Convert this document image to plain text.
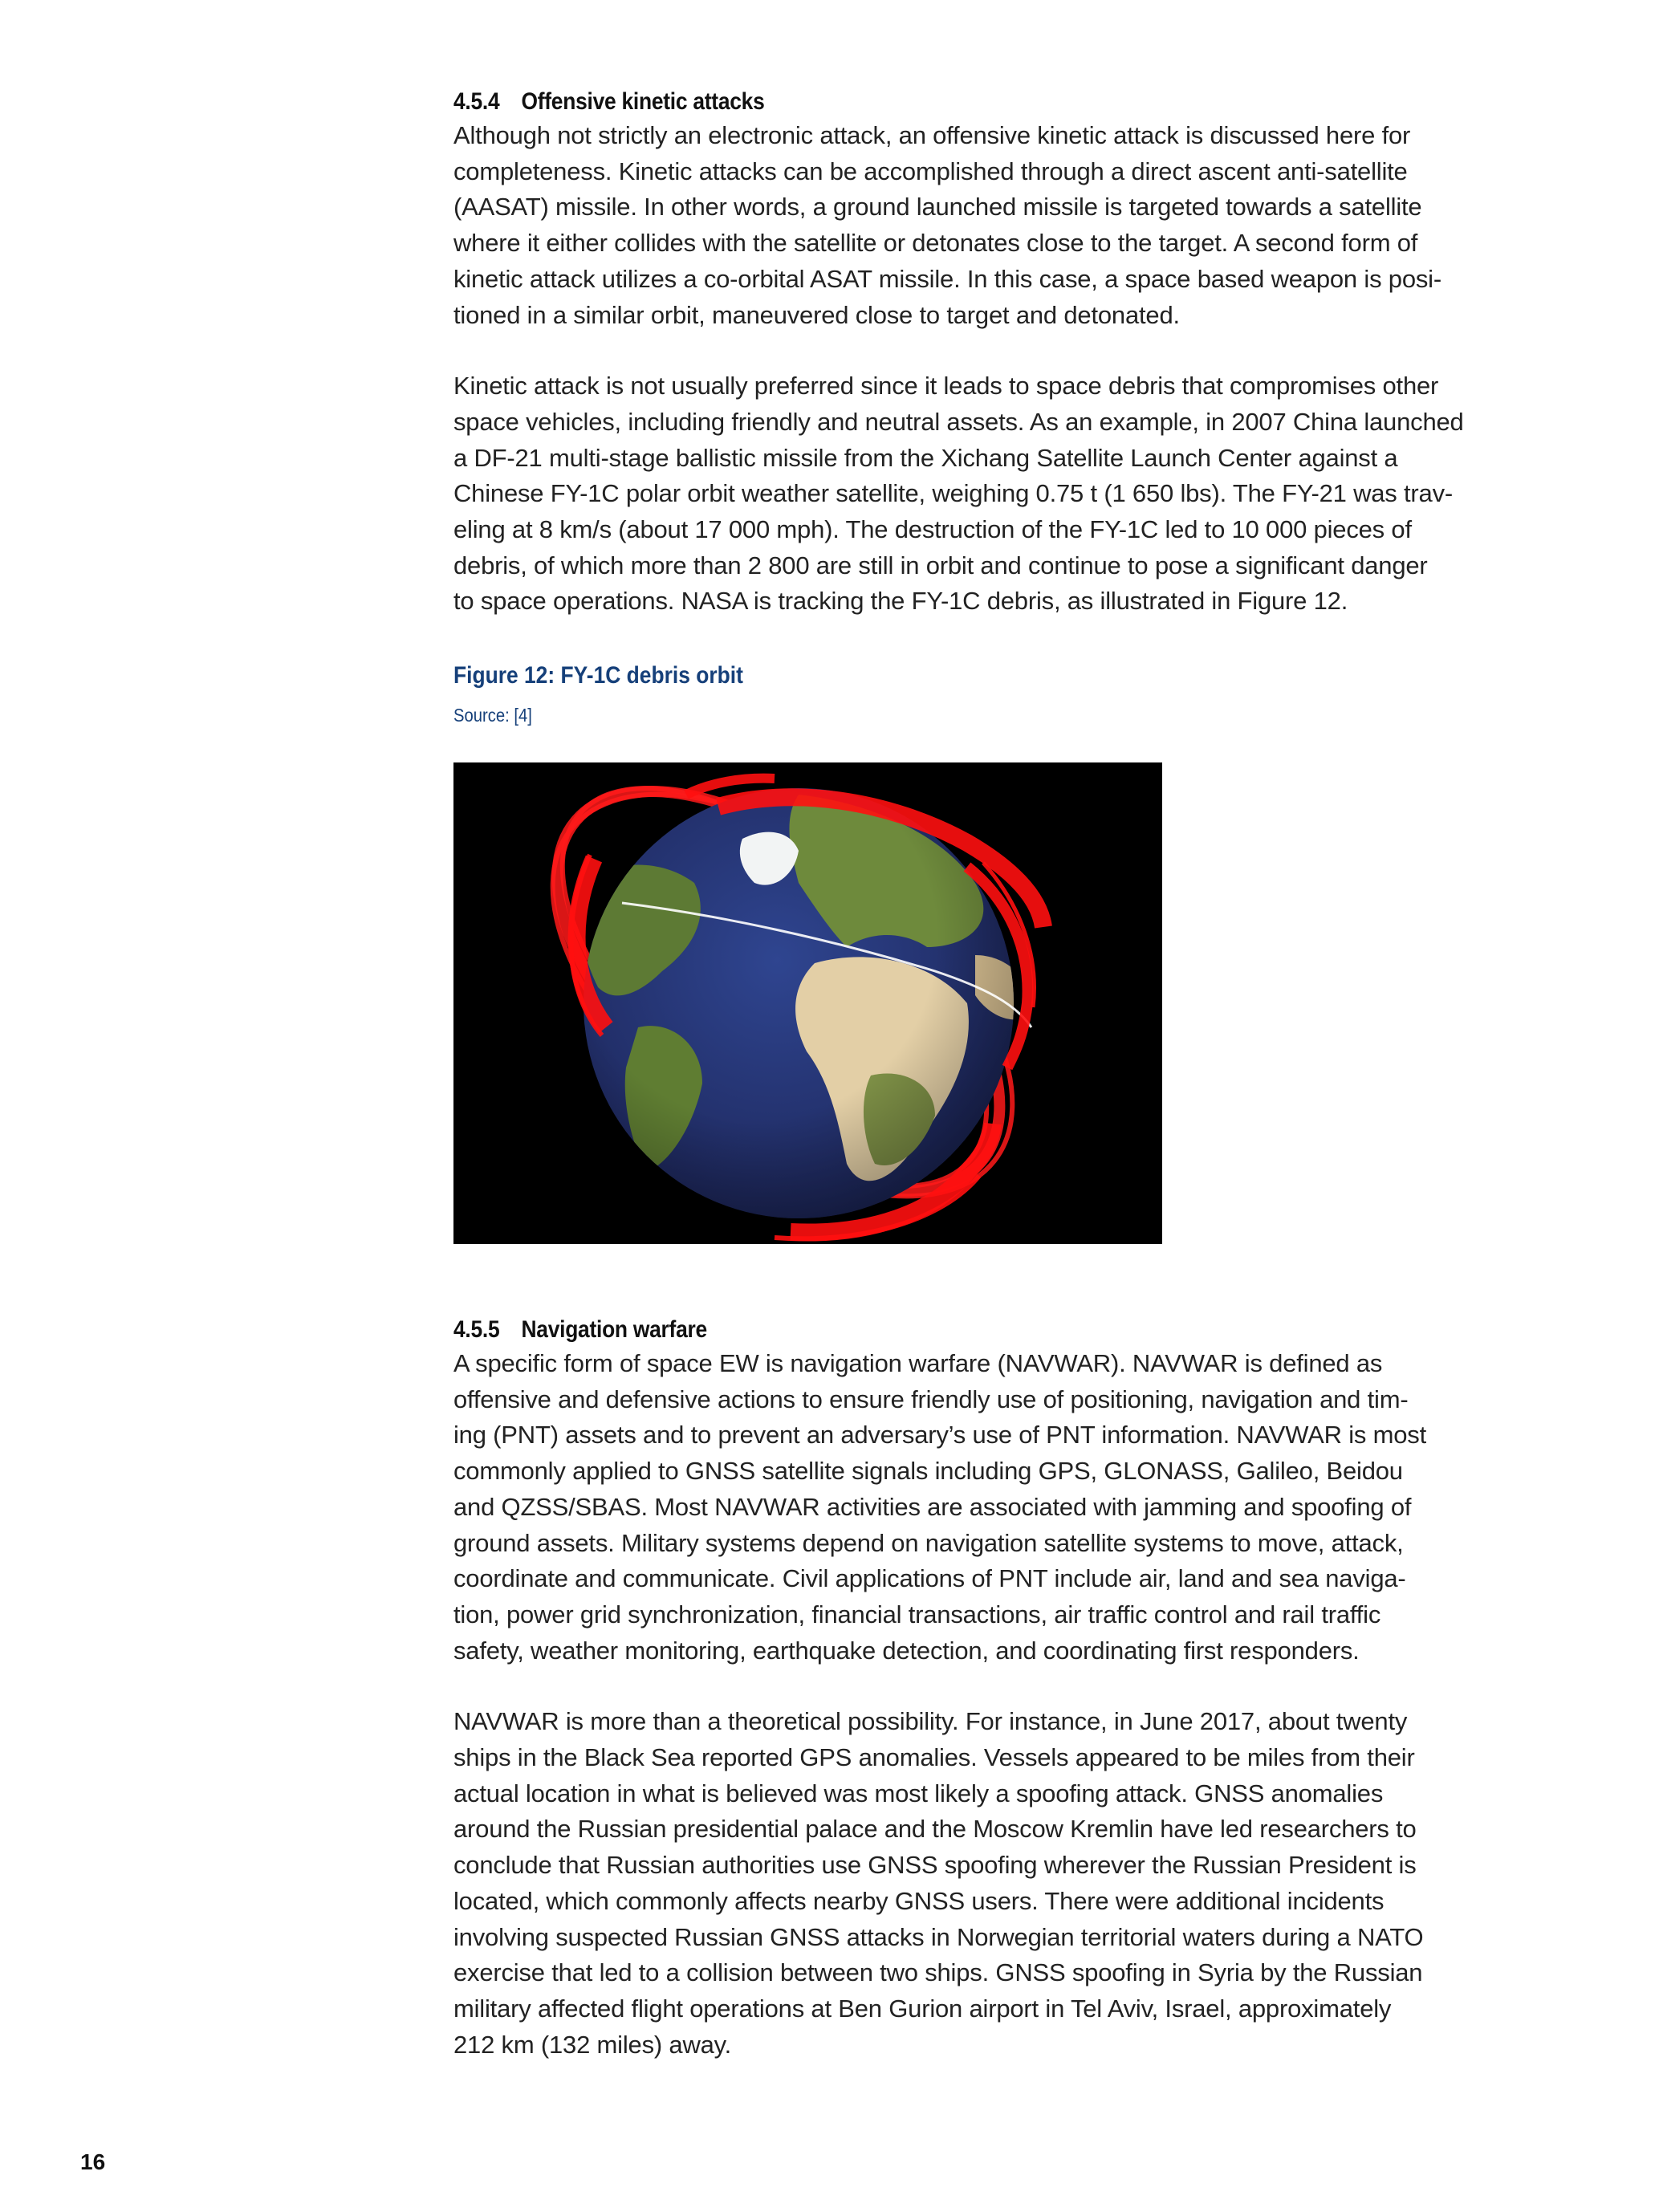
4.5.4 Offensive kinetic attacks

Although not strictly an electronic attack, an offensive kinetic attack is discussed here for
completeness. Kinetic attacks can be accomplished through a direct ascent anti-satellite
(AASAT) missile. In other words, a ground launched missile is targeted towards a satellite
where it either collides with the satellite or detonates close to the target. A second form of
kinetic attack utilizes a co-orbital ASAT missile. In this case, a space based weapon is posi-
tioned in a similar orbit, maneuvered close to target and detonated.

Kinetic attack is not usually preferred since it leads to space debris that compromises other
space vehicles, including friendly and neutral assets. As an example, in 2007 China launched
a DF-21 multi-stage ballistic missile from the Xichang Satellite Launch Center against a
Chinese FY-1C polar orbit weather satellite, weighing 0.75 t (1 650 lbs). The FY-21 was trav-
eling at 8 km/s (about 17 000 mph). The destruction of the FY-1C led to 10 000 pieces of
debris, of which more than 2 800 are still in orbit and continue to pose a significant danger
to space operations. NASA is tracking the FY-1C debris, as illustrated in Figure 12.

Figure 12: FY-1C debris orbit
Source: [4]
4.5.5 Navigation warfare

A specific form of space EW is navigation warfare (NAVWAR). NAVWAR is defined as
offensive and defensive actions to ensure friendly use of positioning, navigation and tim-
ing (PNT) assets and to prevent an adversary’s use of PNT information. NAVWAR is most
commonly applied to GNSS satellite signals including GPS, GLONASS, Galileo, Beidou
and QZSS/SBAS. Most NAVWAR activities are associated with jamming and spoofing of
ground assets. Military systems depend on navigation satellite systems to move, attack,
coordinate and communicate. Civil applications of PNT include air, land and sea naviga-
tion, power grid synchronization, financial transactions, air traffic control and rail traffic
safety, weather monitoring, earthquake detection, and coordinating first responders.

NAVWAR is more than a theoretical possibility. For instance, in June 2017, about twenty
ships in the Black Sea reported GPS anomalies. Vessels appeared to be miles from their
actual location in what is believed was most likely a spoofing attack. GNSS anomalies
around the Russian presidential palace and the Moscow Kremlin have led researchers to
conclude that Russian authorities use GNSS spoofing wherever the Russian President is
located, which commonly affects nearby GNSS users. There were additional incidents
involving suspected Russian GNSS attacks in Norwegian territorial waters during a NATO
exercise that led to a collision between two ships. GNSS spoofing in Syria by the Russian
military affected flight operations at Ben Gurion airport in Tel Aviv, Israel, approximately
212 km (132 miles) away.

16
